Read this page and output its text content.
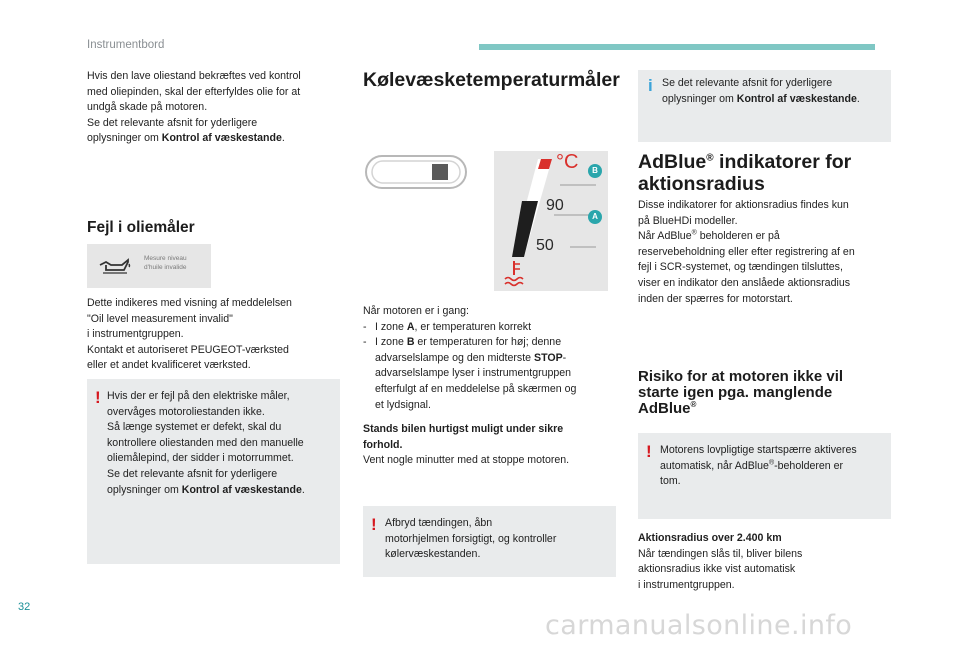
Instrumentbord

Hvis den lave oliestand bekræftes ved kontrol

med oliepinden, skal der efterfyldes olie for at

undgå skade på motoren.

Se det relevante afsnit for yderligere

oplysninger om Kontrol af væskestande.

Fejl i oliemåler
Mesure niveau
d'huile invalide

Dette indikeres med visning af meddelelsen

"Oil level measurement invalid"

i instrumentgruppen.

Kontakt et autoriseret PEUGEOT-værksted

eller et andet kvalificeret værksted.

! Hvis der er fejl på den elektriske måler,

overvåges motoroliestanden ikke.

Så længe systemet er defekt, skal du

kontrollere oliestanden med den manuelle

oliemålepind, der sidder i motorrummet.

Se det relevante afsnit for yderligere

oplysninger om Kontrol af væskestande.

Kølevæsketemperaturmåler
°C
90
50
B
A

Når motoren er i gang:

- I zone A, er temperaturen korrekt
- I zone B er temperaturen for høj; denne

advarselslampe og den midterste STOP-

advarselslampe lyser i instrumentgruppen

efterfulgt af en meddelelse på skærmen og

et lydsignal.

Stands bilen hurtigst muligt under sikre

forhold.

Vent nogle minutter med at stoppe motoren.

! Afbryd tændingen, åbn

motorhjelmen forsigtigt, og kontroller

kølervæskestanden.

i Se det relevante afsnit for yderligere

oplysninger om Kontrol af væskestande.

AdBlue® indikatorer for
aktionsradius

Disse indikatorer for aktionsradius findes kun

på BlueHDi modeller.

Når AdBlue® beholderen er på

reservebeholdning eller efter registrering af en

fejl i SCR-systemet, og tændingen tilsluttes,

viser en indikator den anslåede aktionsradius

inden der spærres for motorstart.

Risiko for at motoren ikke vil
starte igen pga. manglende
AdBlue®
! Motorens lovpligtige startspærre aktiveres

automatisk, når AdBlue®-beholderen er

tom.

Aktionsradius over 2.400 km

Når tændingen slås til, bliver bilens

aktionsradius ikke vist automatisk

i instrumentgruppen.

32
carmanualsonline.info
